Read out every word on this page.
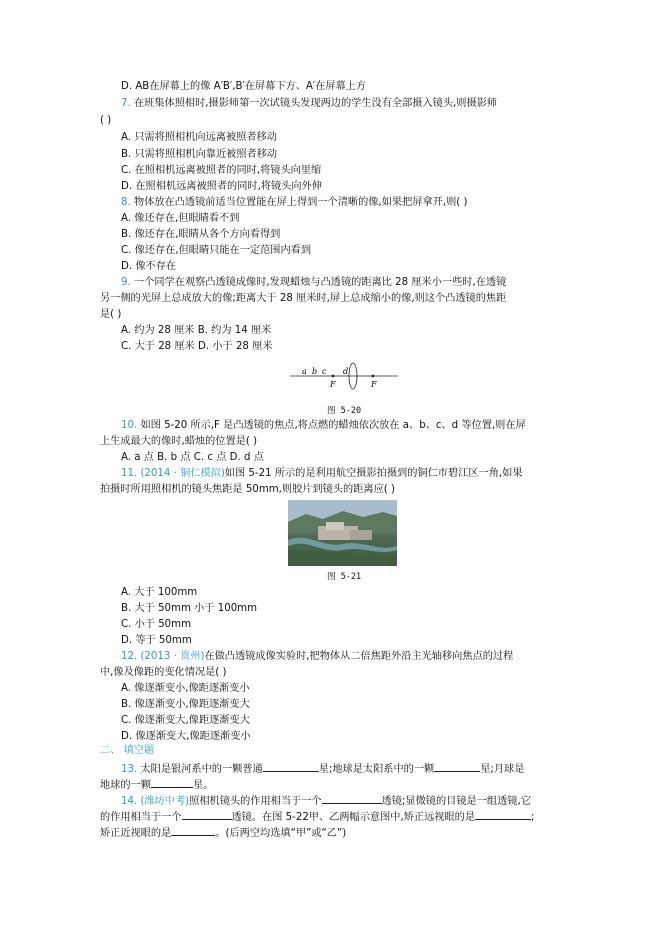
D. AB在屏幕上的像 A′B′,B′在屏幕下方、A′在屏幕上方
7. 在班集体照相时,摄影师第一次试镜头发现两边的学生没有全部摄入镜头,则摄影师
( )
A. 只需将照相机向远离被照者移动
B. 只需将照相机向靠近被照者移动
C. 在照相机远离被照者的同时,将镜头向里缩
D. 在照相机远离被照者的同时,将镜头向外伸
8. 物体放在凸透镜前适当位置能在屏上得到一个清晰的像,如果把屏拿开,则( )
A. 像还存在,但眼睛看不到
B. 像还存在,眼睛从各个方向看得到
C. 像还存在,但眼睛只能在一定范围内看到
D. 像不存在
9. 一个同学在观察凸透镜成像时,发现蜡烛与凸透镜的距离比 28 厘米小一些时,在透镜
另一侧的光屏上总成放大的像;距离大于 28 厘米时,屏上总成缩小的像,则这个凸透镜的焦距
是( )
A. 约为 28 厘米 B. 约为 14 厘米
C. 大于 28 厘米 D. 小于 28 厘米
a b c d
F	F
图 5-20
10. 如图 5-20 所示,F 是凸透镜的焦点,将点燃的蜡烛依次放在 a、b、c、d 等位置,则在屏
上生成最大的像时,蜡烛的位置是( )
A. a 点 B. b 点 C. c 点 D. d 点
11. (2014 · 铜仁模拟)如图 5-21 所示的是利用航空摄影拍摄到的铜仁市碧江区一角,如果
拍摄时所用照相机的镜头焦距是 50mm,则胶片到镜头的距离应( )
图 5-21
A. 大于 100mm
B. 大于 50mm 小于 100mm
C. 小于 50mm
D. 等于 50mm
12. (2013 · 贵州)在做凸透镜成像实验时,把物体从二倍焦距外沿主光轴移向焦点的过程
中,像及像距的变化情况是( )
A. 像逐渐变小,像距逐渐变小
B. 像逐渐变小,像距逐渐变大
C. 像逐渐变大,像距逐渐变大
D. 像逐渐变大,像距逐渐变小
二、 填空题
13. 太阳是银河系中的一颗普通	星;地球是太阳系中的一颗	星;月球是
地球的一颗	星。
14. (潍坊中考)照相机镜头的作用相当于一个	透镜;显微镜的目镜是一组透镜,它
的作用相当于一个	透镜。在图 5-22甲、乙两幅示意图中,矫正远视眼的是	;
矫正近视眼的是	。(后两空均选填“甲”或“乙”)
